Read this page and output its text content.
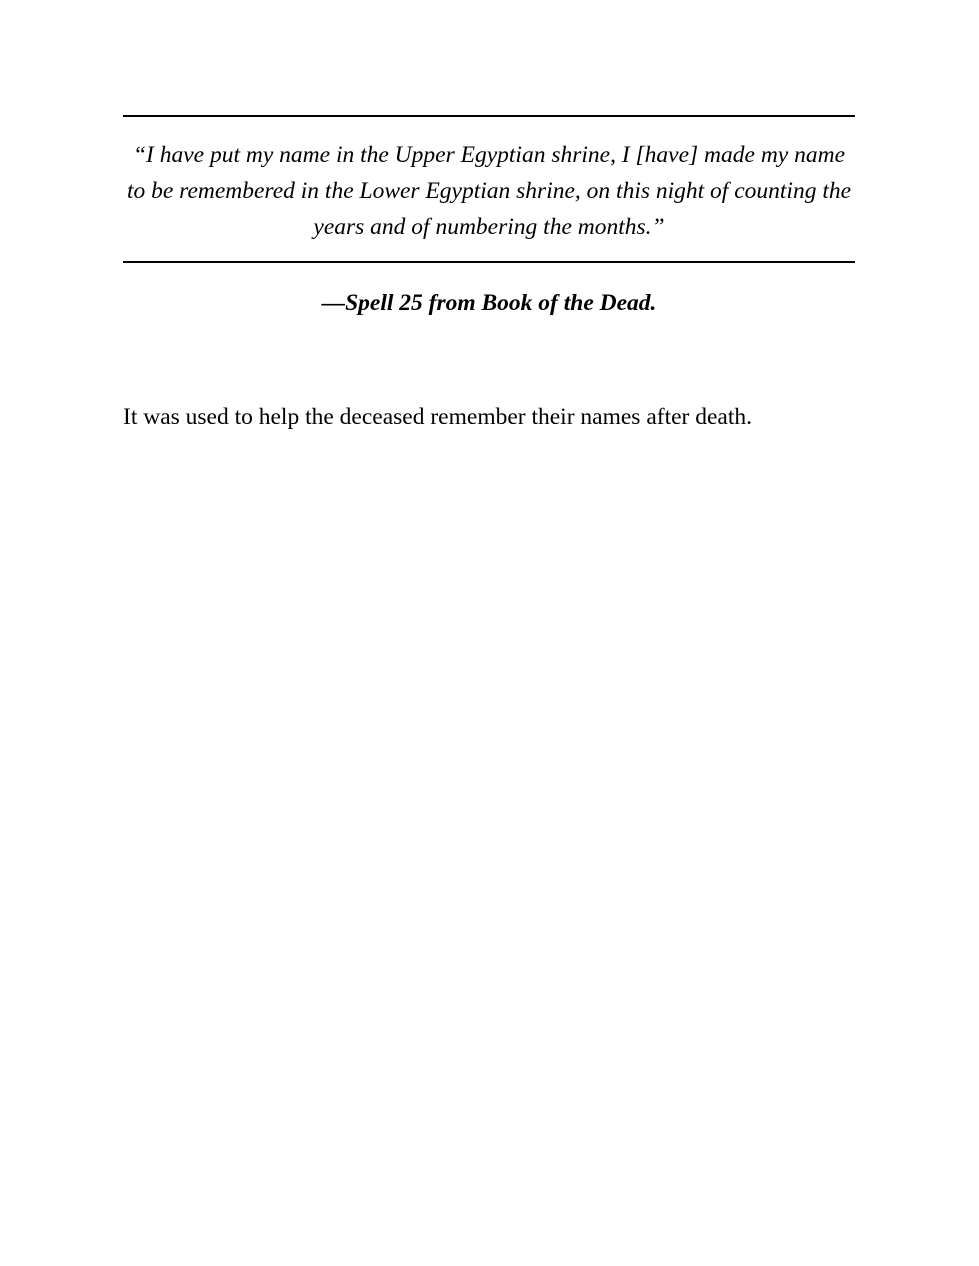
“I have put my name in the Upper Egyptian shrine, I [have] made my name to be remembered in the Lower Egyptian shrine, on this night of counting the years and of numbering the months.”

—Spell 25 from Book of the Dead.

It was used to help the deceased remember their names after death.
